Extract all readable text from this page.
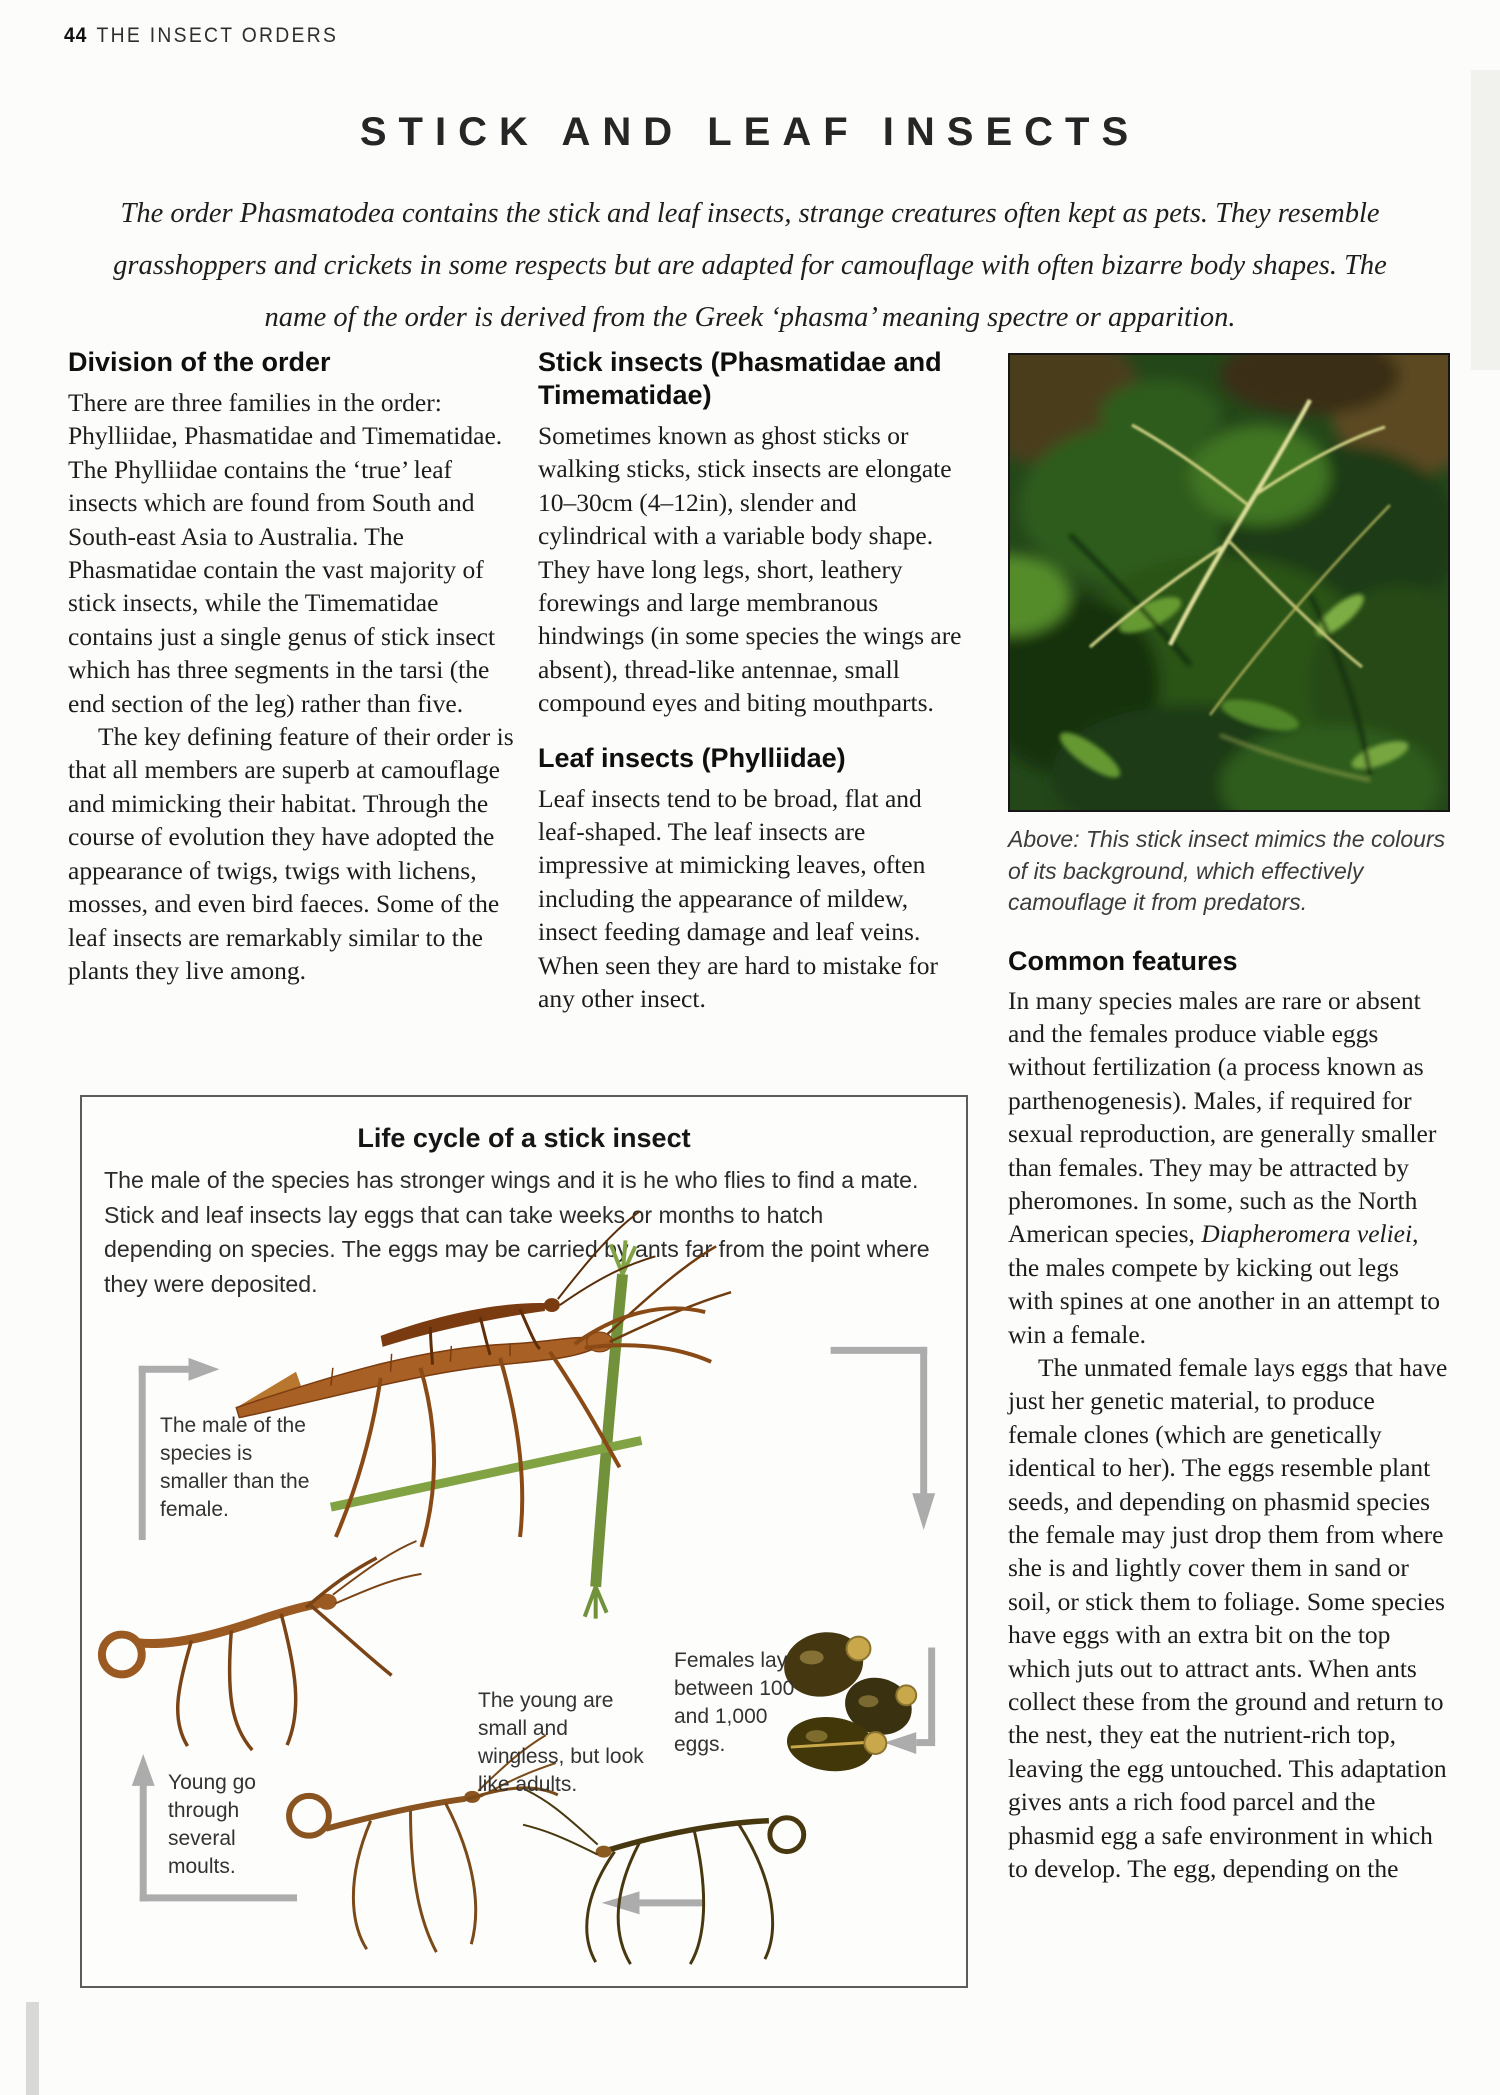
44 THE INSECT ORDERS
STICK AND LEAF INSECTS
The order Phasmatodea contains the stick and leaf insects, strange creatures often kept as pets. They resemble grasshoppers and crickets in some respects but are adapted for camouflage with often bizarre body shapes. The name of the order is derived from the Greek ‘phasma’ meaning spectre or apparition.
Division of the order

There are three families in the order: Phylliidae, Phasmatidae and Timematidae. The Phylliidae contains the ‘true’ leaf insects which are found from South and South-east Asia to Australia. The Phasmatidae contain the vast majority of stick insects, while the Timematidae contains just a single genus of stick insect which has three segments in the tarsi (the end section of the leg) rather than five.

The key defining feature of their order is that all members are superb at camouflage and mimicking their habitat. Through the course of evolution they have adopted the appearance of twigs, twigs with lichens, mosses, and even bird faeces. Some of the leaf insects are remarkably similar to the plants they live among.

Stick insects (Phasmatidae and Timematidae)

Sometimes known as ghost sticks or walking sticks, stick insects are elongate 10–30cm (4–12in), slender and cylindrical with a variable body shape. They have long legs, short, leathery forewings and large membranous hindwings (in some species the wings are absent), thread-like antennae, small compound eyes and biting mouthparts.

Leaf insects (Phylliidae)

Leaf insects tend to be broad, flat and leaf-shaped. The leaf insects are impressive at mimicking leaves, often including the appearance of mildew, insect feeding damage and leaf veins. When seen they are hard to mistake for any other insect.

Above: This stick insect mimics the colours of its background, which effectively camouflage it from predators.
Common features

In many species males are rare or absent and the females produce viable eggs without fertilization (a process known as parthenogenesis). Males, if required for sexual reproduction, are generally smaller than females. They may be attracted by pheromones. In some, such as the North American species, Diapheromera veliei, the males compete by kicking out legs with spines at one another in an attempt to win a female.

The unmated female lays eggs that have just her genetic material, to produce female clones (which are genetically identical to her). The eggs resemble plant seeds, and depending on phasmid species the female may just drop them from where she is and lightly cover them in sand or soil, or stick them to foliage. Some species have eggs with an extra bit on the top which juts out to attract ants. When ants collect these from the ground and return to the nest, they eat the nutrient-rich top, leaving the egg untouched. This adaptation gives ants a rich food parcel and the phasmid egg a safe environment in which to develop. The egg, depending on the

Life cycle of a stick insect
The male of the species has stronger wings and it is he who flies to find a mate. Stick and leaf insects lay eggs that can take weeks or months to hatch depending on species. The eggs may be carried by ants far from the point where they were deposited.
The male of the species is smaller than the female.
The young are small and wingless, but look like adults.
Females lay between 100 and 1,000 eggs.
Young go through several moults.
